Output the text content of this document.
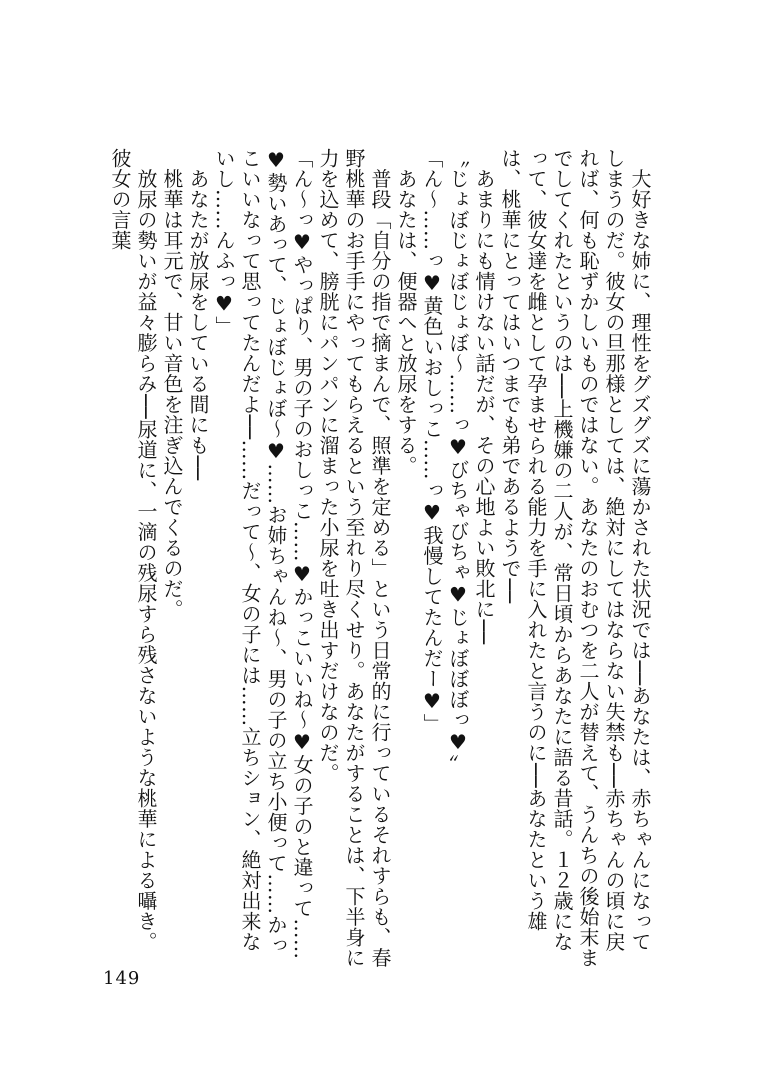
　大好きな姉に、理性をグズグズに蕩かされた状況では──あなたは、赤ちゃんになってしまうのだ。彼女の旦那様としては、絶対にしてはならない失禁も──赤ちゃんの頃に戻れば、何も恥ずかしいものではない。あなたのおむつを二人が替えて、うんちの後始末までしてくれたというのは──上機嫌の二人が、常日頃からあなたに語る昔話。１２歳になって、彼女達を雌として孕ませられる能力を手に入れたと言うのに──あなたという雄は、桃華にとってはいつまでも弟であるようで──

　あまりにも情けない話だが、その心地よい敗北に──

〝じょぼじょぼじょぼ～……っ♥びちゃびちゃ♥じょぼぼぼっ♥〟

「ん～……っ♥黄色いおしっこ……っ♥我慢してたんだー♥」

　あなたは、便器へと放尿をする。

　普段「自分の指で摘まんで、照準を定める」という日常的に行っているそれすらも、春野桃華のお手手にやってもらえるという至れり尽くせり。あなたがすることは、下半身に力を込めて、膀胱にパンパンに溜まった小尿を吐き出すだけなのだ。

「ん～っ♥やっぱり、男の子のおしっこ……♥かっこいいね～♥女の子のと違って……♥勢いあって、じょぼじょぼ～♥……お姉ちゃんね～、男の子の立ち小便って……かっこいいなって思ってたんだよ──……だって～、女の子には……立ちション、絶対出来ないし……んふっ♥」

　あなたが放尿をしている間にも──

　桃華は耳元で、甘い音色を注ぎ込んでくるのだ。

　放尿の勢いが益々膨らみ──尿道に、一滴の残尿すら残さないような桃華による囁き。彼女の言葉

149
